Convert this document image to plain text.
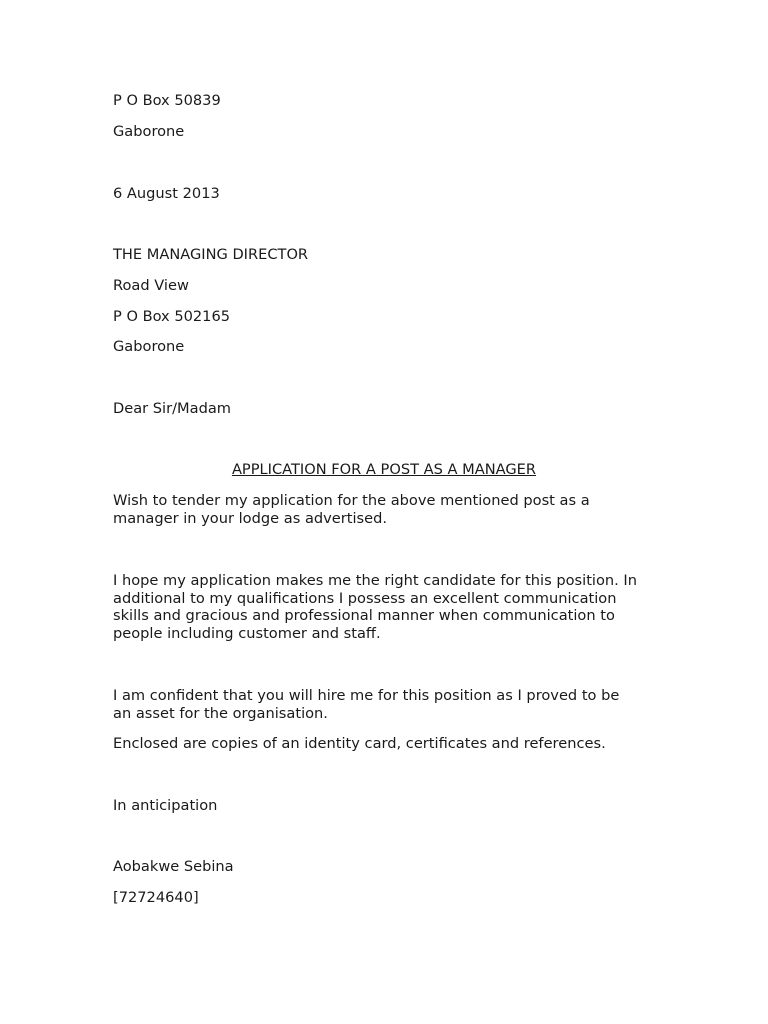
P O Box 50839

Gaborone

6 August 2013

THE MANAGING DIRECTOR

Road View

P O Box 502165

Gaborone

Dear Sir/Madam

APPLICATION FOR A POST AS A MANAGER

Wish to tender my application for the above mentioned post as a
manager in your lodge as advertised.
I hope my application makes me the right candidate for this position. In
additional to my qualifications I possess an excellent communication
skills and gracious and professional manner when communication to
people including customer and staff.
I am confident that you will hire me for this position as I proved to be
an asset for the organisation.

Enclosed are copies of an identity card, certificates and references.

In anticipation

Aobakwe Sebina

[72724640]
